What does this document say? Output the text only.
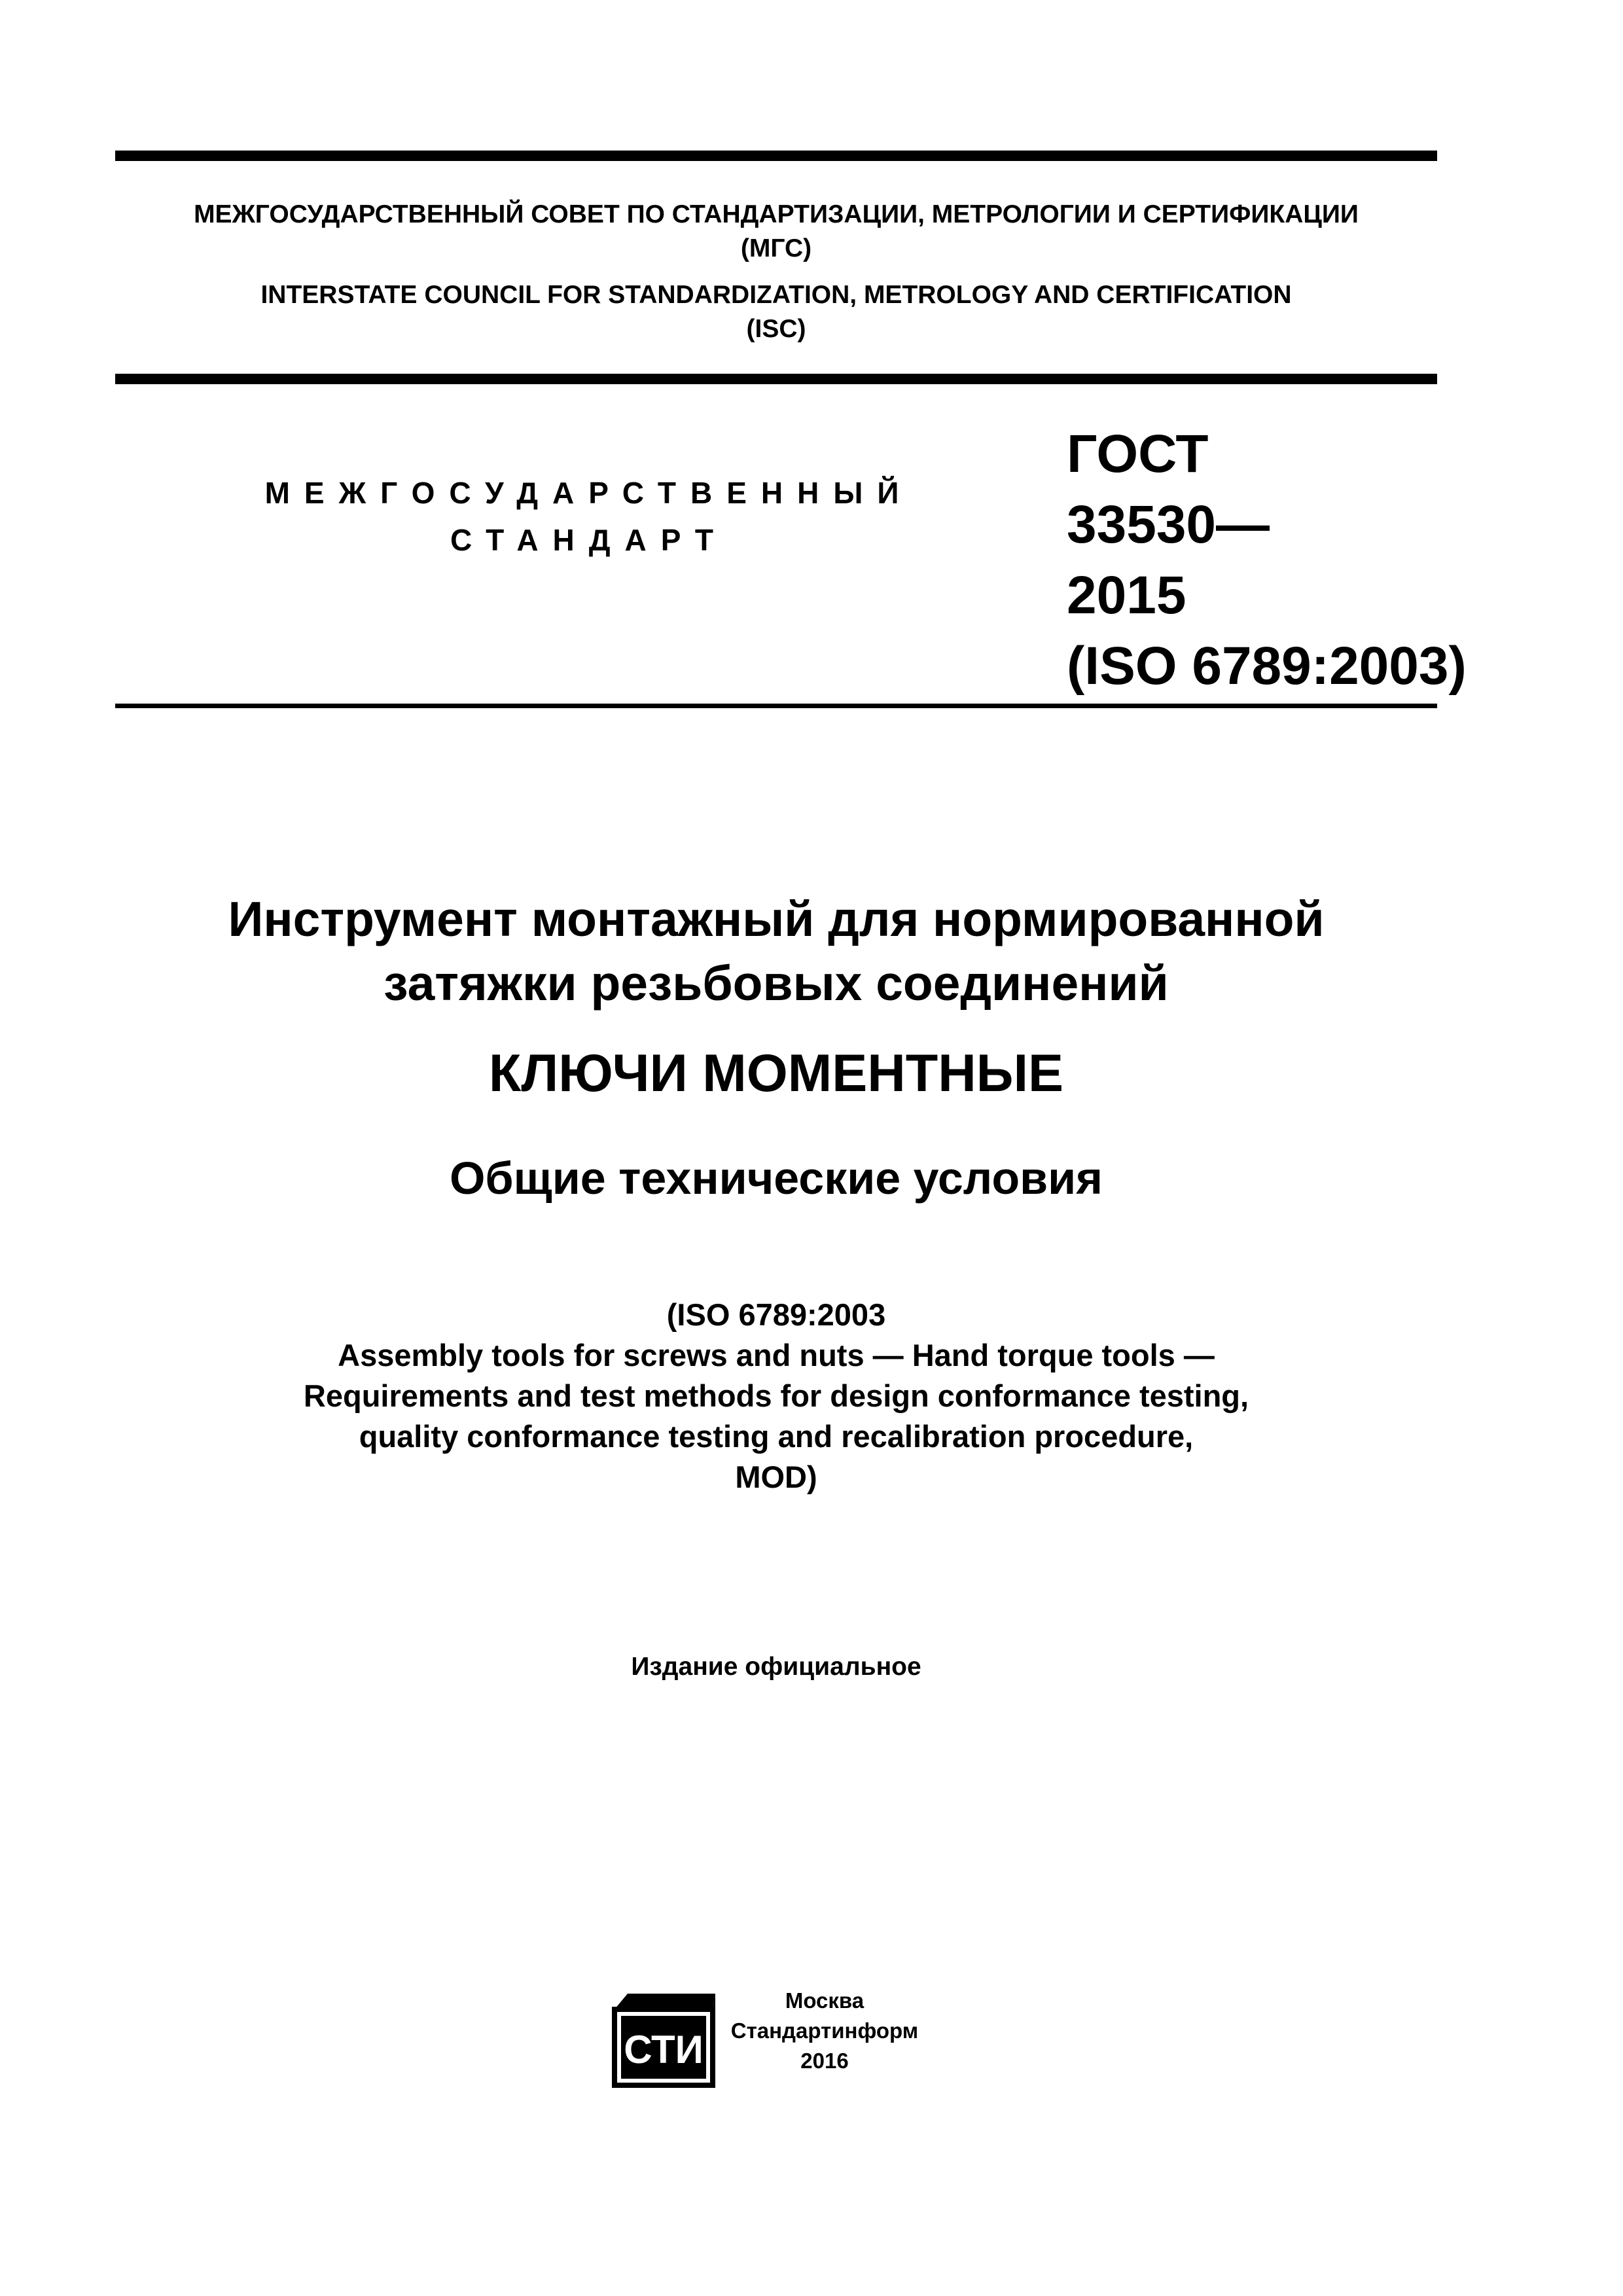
МЕЖГОСУДАРСТВЕННЫЙ СОВЕТ ПО СТАНДАРТИЗАЦИИ, МЕТРОЛОГИИ И СЕРТИФИКАЦИИ
(МГС)
INTERSTATE COUNCIL FOR STANDARDIZATION, METROLOGY AND CERTIFICATION
(ISC)
МЕЖГОСУДАРСТВЕННЫЙ
СТАНДАРТ
ГОСТ
33530—
2015
(ISO 6789:2003)
Инструмент монтажный для нормированной
затяжки резьбовых соединений
КЛЮЧИ МОМЕНТНЫЕ
Общие технические условия
(ISO 6789:2003
Assembly tools for screws and nuts — Hand torque tools —
Requirements and test methods for design conformance testing,
quality conformance testing and recalibration procedure,
MOD)
Издание официальное
СТИ
Москва
Стандартинформ
2016
